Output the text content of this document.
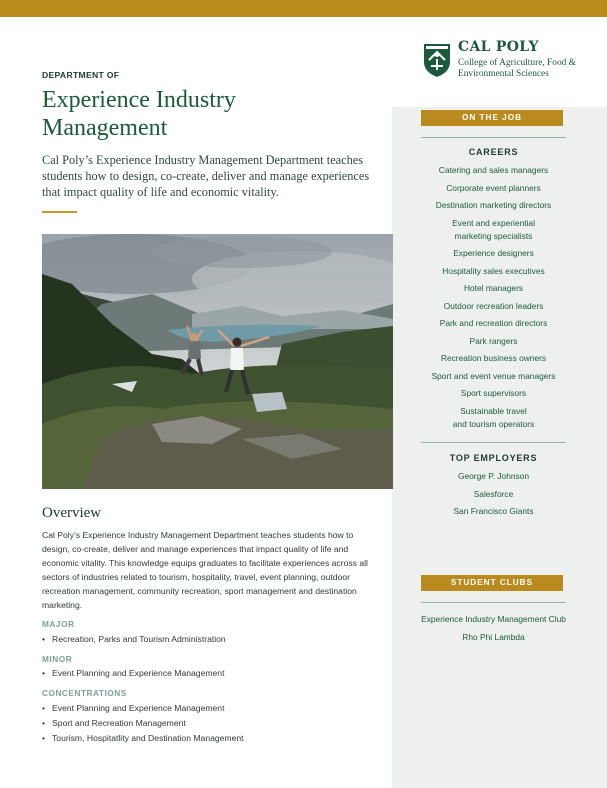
CAL POLY
College of Agriculture, Food & Environmental Sciences
DEPARTMENT OF
Experience Industry Management
Cal Poly’s Experience Industry Management Department teaches students how to design, co-create, deliver and manage experiences that impact quality of life and economic vitality.
Overview
Cal Poly’s Experience Industry Management Department teaches students how to design, co-create, deliver and manage experiences that impact quality of life and economic vitality. This knowledge equips graduates to facilitate experiences across all sectors of industries related to tourism, hospitality, travel, event planning, outdoor recreation management, community recreation, sport management and destination marketing.
MAJOR
• Recreation, Parks and Tourism Administration
MINOR
• Event Planning and Experience Management
CONCENTRATIONS
• Event Planning and Experience Management
• Sport and Recreation Management
• Tourism, Hospitatlity and Destination Management
ON THE JOB
CAREERS
Catering and sales managers
Corporate event planners
Destination marketing directors
Event and experiential
marketing specialists
Experience designers
Hospitality sales executives
Hotel managers
Outdoor recreation leaders
Park and recreation directors
Park rangers
Recreation business owners
Sport and event venue managers
Sport supervisors
Sustainable travel
and tourism operators
TOP EMPLOYERS
George P. Johnson
Salesforce
San Francisco Giants
STUDENT CLUBS
Experience Industry Management Club
Rho Phi Lambda
